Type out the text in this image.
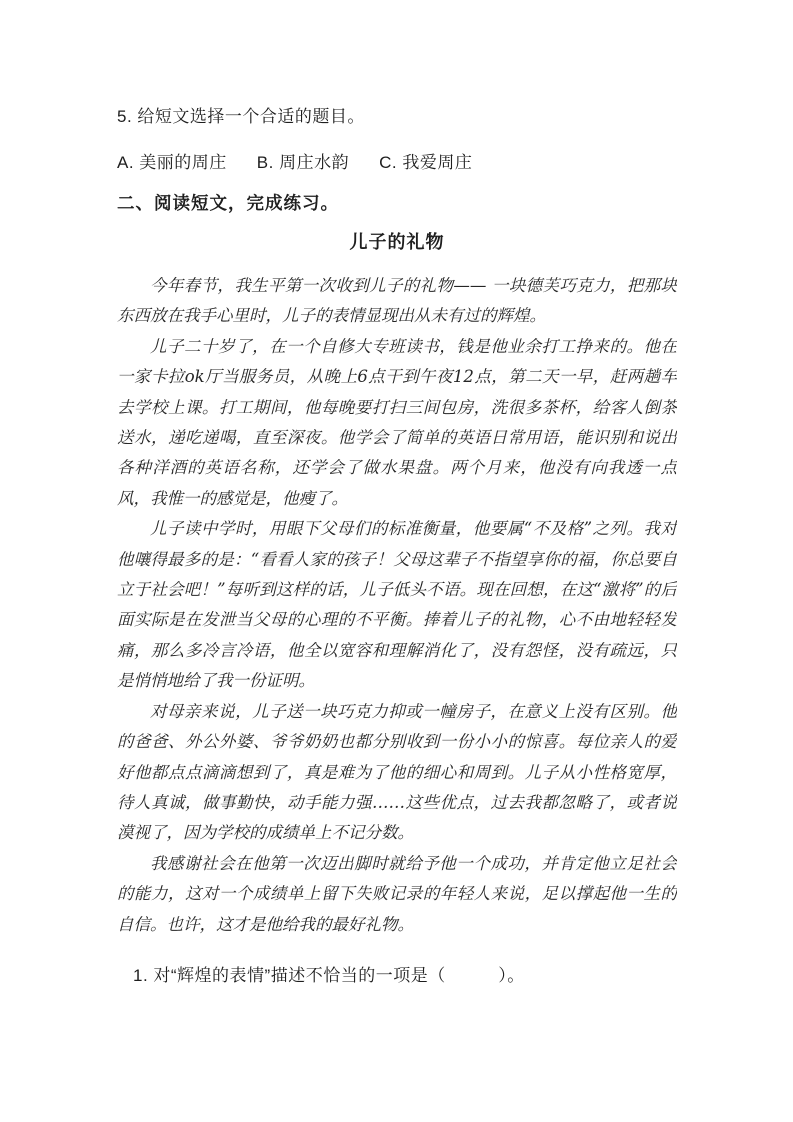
5. 给短文选择一个合适的题目。
A. 美丽的周庄 B. 周庄水韵 C. 我爱周庄
二、阅读短文，完成练习。
儿子的礼物

今年春节，我生平第一次收到儿子的礼物—— 一块德芙巧克力，把那块东西放在我手心里时，儿子的表情显现出从未有过的辉煌。

儿子二十岁了，在一个自修大专班读书，钱是他业余打工挣来的。他在一家卡拉ok厅当服务员，从晚上6点干到午夜12点，第二天一早，赶两趟车去学校上课。打工期间，他每晚要打扫三间包房，洗很多茶杯，给客人倒茶送水，递吃递喝，直至深夜。他学会了简单的英语日常用语，能识别和说出各种洋酒的英语名称，还学会了做水果盘。两个月来，他没有向我透一点风，我惟一的感觉是，他瘦了。

儿子读中学时，用眼下父母们的标准衡量，他要属“不及格”之列。我对他嚷得最多的是：“看看人家的孩子！父母这辈子不指望享你的福，你总要自立于社会吧！”每听到这样的话，儿子低头不语。现在回想，在这“激将”的后面实际是在发泄当父母的心理的不平衡。捧着儿子的礼物，心不由地轻轻发痛，那么多冷言冷语，他全以宽容和理解消化了，没有怨怪，没有疏远，只是悄悄地给了我一份证明。

对母亲来说，儿子送一块巧克力抑或一幢房子，在意义上没有区别。他的爸爸、外公外婆、爷爷奶奶也都分别收到一份小小的惊喜。每位亲人的爱好他都点点滴滴想到了，真是难为了他的细心和周到。儿子从小性格宽厚，待人真诚，做事勤快，动手能力强……这些优点，过去我都忽略了，或者说漠视了，因为学校的成绩单上不记分数。

我感谢社会在他第一次迈出脚时就给予他一个成功，并肯定他立足社会的能力，这对一个成绩单上留下失败记录的年轻人来说，足以撑起他一生的自信。也许，这才是他给我的最好礼物。

1. 对“辉煌的表情”描述不恰当的一项是（　　　）。
